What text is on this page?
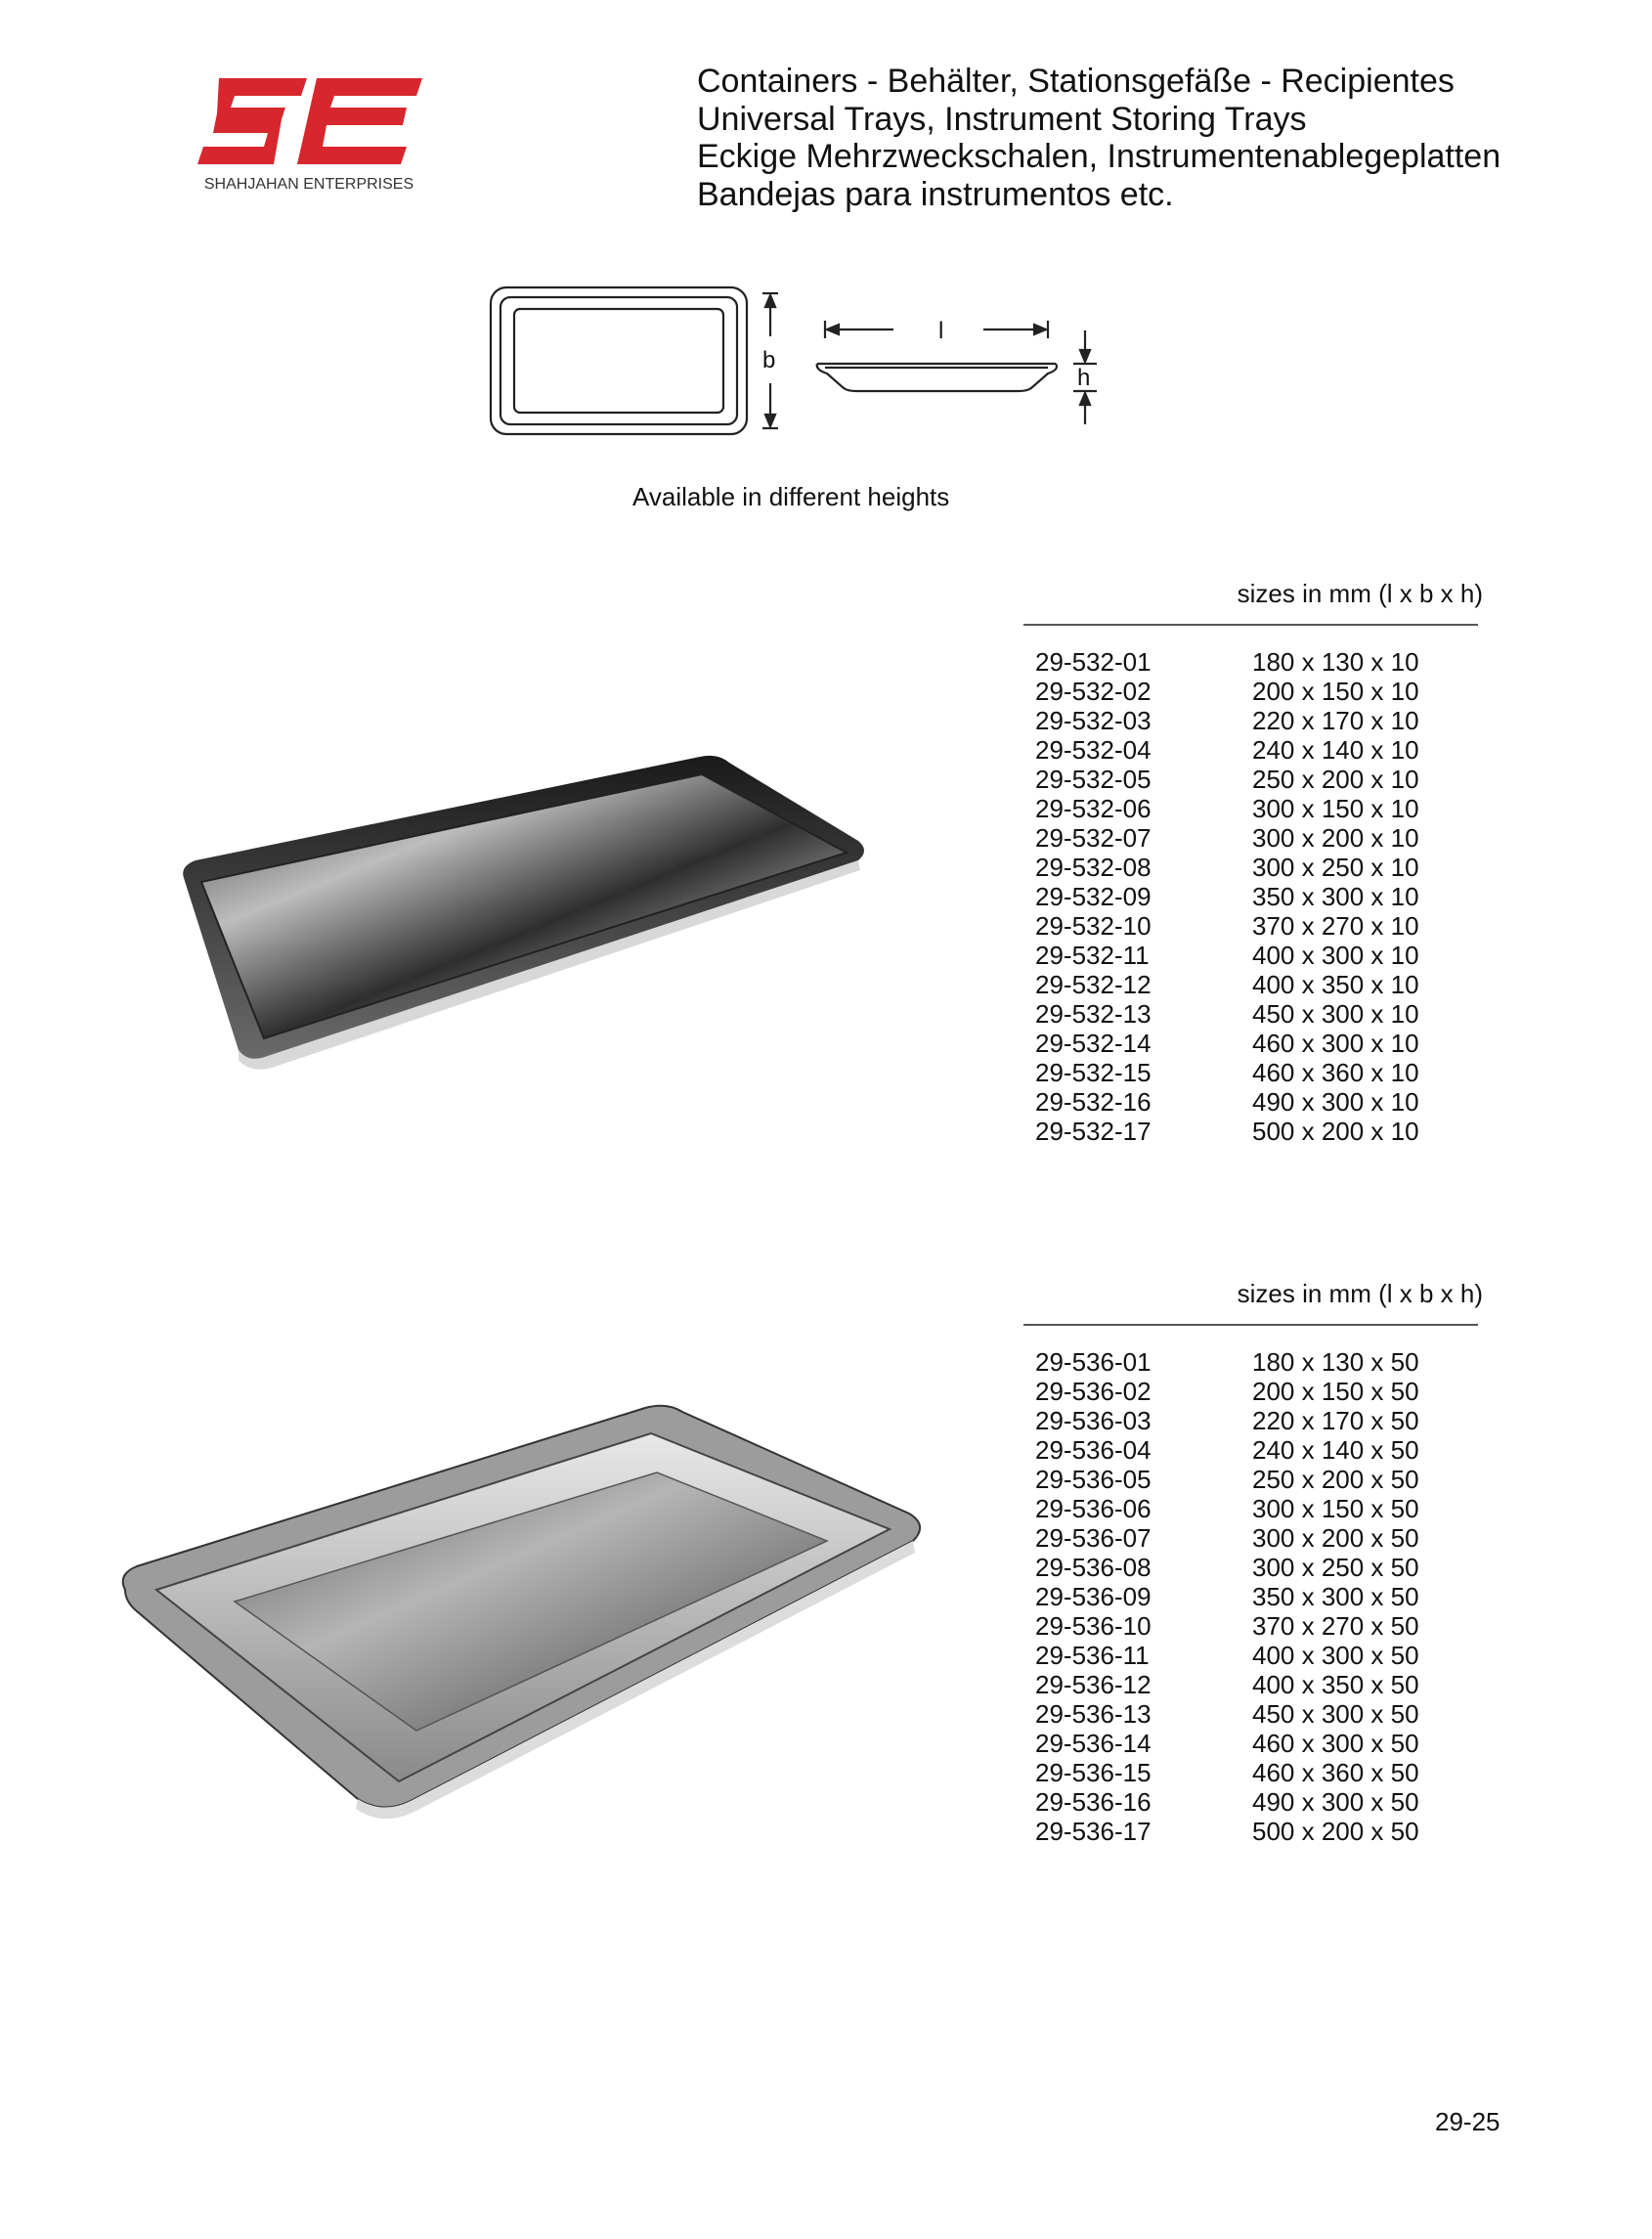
SHAHJAHAN ENTERPRISES
Containers - Behälter, Stationsgefäße - Recipientes
Universal Trays, Instrument Storing Trays
Eckige Mehrzweckschalen, Instrumentenablegeplatten
Bandejas para instrumentos etc.
b
l
h
Available in different heights
sizes in mm (l x b x h)
29-532-01	180 x 130 x 10
29-532-02	200 x 150 x 10
29-532-03	220 x 170 x 10
29-532-04	240 x 140 x 10
29-532-05	250 x 200 x 10
29-532-06	300 x 150 x 10
29-532-07	300 x 200 x 10
29-532-08	300 x 250 x 10
29-532-09	350 x 300 x 10
29-532-10	370 x 270 x 10
29-532-11	400 x 300 x 10
29-532-12	400 x 350 x 10
29-532-13	450 x 300 x 10
29-532-14	460 x 300 x 10
29-532-15	460 x 360 x 10
29-532-16	490 x 300 x 10
29-532-17	500 x 200 x 10
sizes in mm (l x b x h)
29-536-01	180 x 130 x 50
29-536-02	200 x 150 x 50
29-536-03	220 x 170 x 50
29-536-04	240 x 140 x 50
29-536-05	250 x 200 x 50
29-536-06	300 x 150 x 50
29-536-07	300 x 200 x 50
29-536-08	300 x 250 x 50
29-536-09	350 x 300 x 50
29-536-10	370 x 270 x 50
29-536-11	400 x 300 x 50
29-536-12	400 x 350 x 50
29-536-13	450 x 300 x 50
29-536-14	460 x 300 x 50
29-536-15	460 x 360 x 50
29-536-16	490 x 300 x 50
29-536-17	500 x 200 x 50
29-25
